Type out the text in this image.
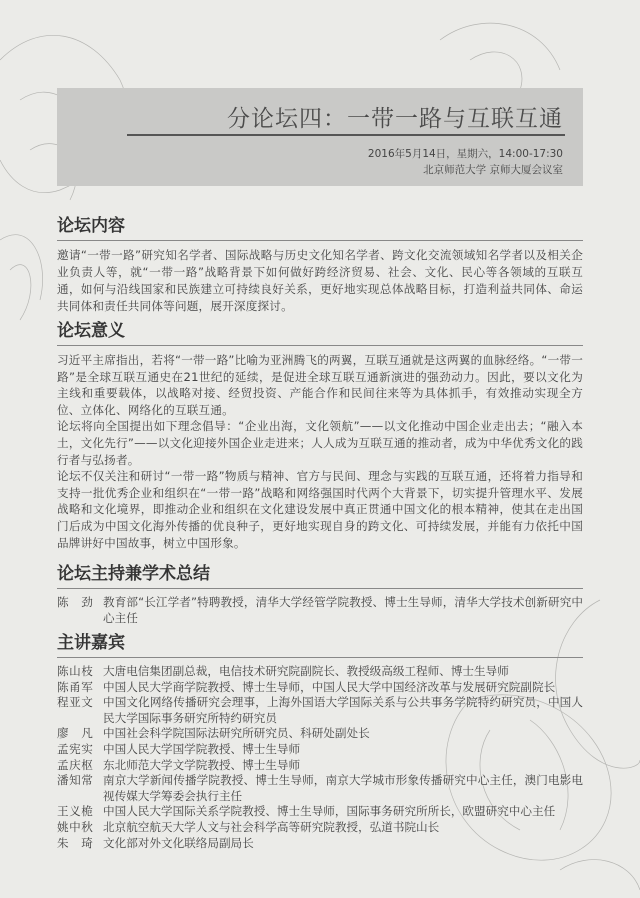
分论坛四：一带一路与互联互通
2016年5月14日，星期六，14:00-17:30
北京师范大学 京师大厦会议室
论坛内容

邀请“一带一路”研究知名学者、国际战略与历史文化知名学者、跨文化交流领域知名学者以及相关企业负责人等，就“一带一路”战略背景下如何做好跨经济贸易、社会、文化、民心等各领域的互联互通，如何与沿线国家和民族建立可持续良好关系，更好地实现总体战略目标，打造利益共同体、命运共同体和责任共同体等问题，展开深度探讨。

论坛意义

习近平主席指出，若将“一带一路”比喻为亚洲腾飞的两翼，互联互通就是这两翼的血脉经络。“一带一路”是全球互联互通史在21世纪的延续，是促进全球互联互通新演进的强劲动力。因此，要以文化为主线和重要载体，以战略对接、经贸投资、产能合作和民间往来等为具体抓手，有效推动实现全方位、立体化、网络化的互联互通。

论坛将向全国提出如下理念倡导：“企业出海，文化领航”——以文化推动中国企业走出去；“融入本土，文化先行”——以文化迎接外国企业走进来；人人成为互联互通的推动者，成为中华优秀文化的践行者与弘扬者。

论坛不仅关注和研讨“一带一路”物质与精神、官方与民间、理念与实践的互联互通，还将着力指导和支持一批优秀企业和组织在“一带一路”战略和网络强国时代两个大背景下，切实提升管理水平、发展战略和文化境界，即推动企业和组织在文化建设发展中真正贯通中国文化的根本精神，使其在走出国门后成为中国文化海外传播的优良种子，更好地实现自身的跨文化、可持续发展，并能有力依托中国品牌讲好中国故事，树立中国形象。

论坛主持兼学术总结
陈　劲 教育部“长江学者”特聘教授，清华大学经管学院教授、博士生导师，清华大学技术创新研究中心主任
主讲嘉宾
陈山枝 大唐电信集团副总裁，电信技术研究院副院长、教授级高级工程师、博士生导师
陈甬军 中国人民大学商学院教授、博士生导师，中国人民大学中国经济改革与发展研究院副院长
程亚文 中国文化网络传播研究会理事，上海外国语大学国际关系与公共事务学院特约研究员，中国人民大学国际事务研究所特约研究员
廖　凡 中国社会科学院国际法研究所研究员、科研处副处长
孟宪实 中国人民大学国学院教授、博士生导师
孟庆枢 东北师范大学文学院教授、博士生导师
潘知常 南京大学新闻传播学院教授、博士生导师，南京大学城市形象传播研究中心主任，澳门电影电视传媒大学筹委会执行主任
王义桅 中国人民大学国际关系学院教授、博士生导师，国际事务研究所所长，欧盟研究中心主任
姚中秋 北京航空航天大学人文与社会科学高等研究院教授，弘道书院山长
朱　琦 文化部对外文化联络局副局长
